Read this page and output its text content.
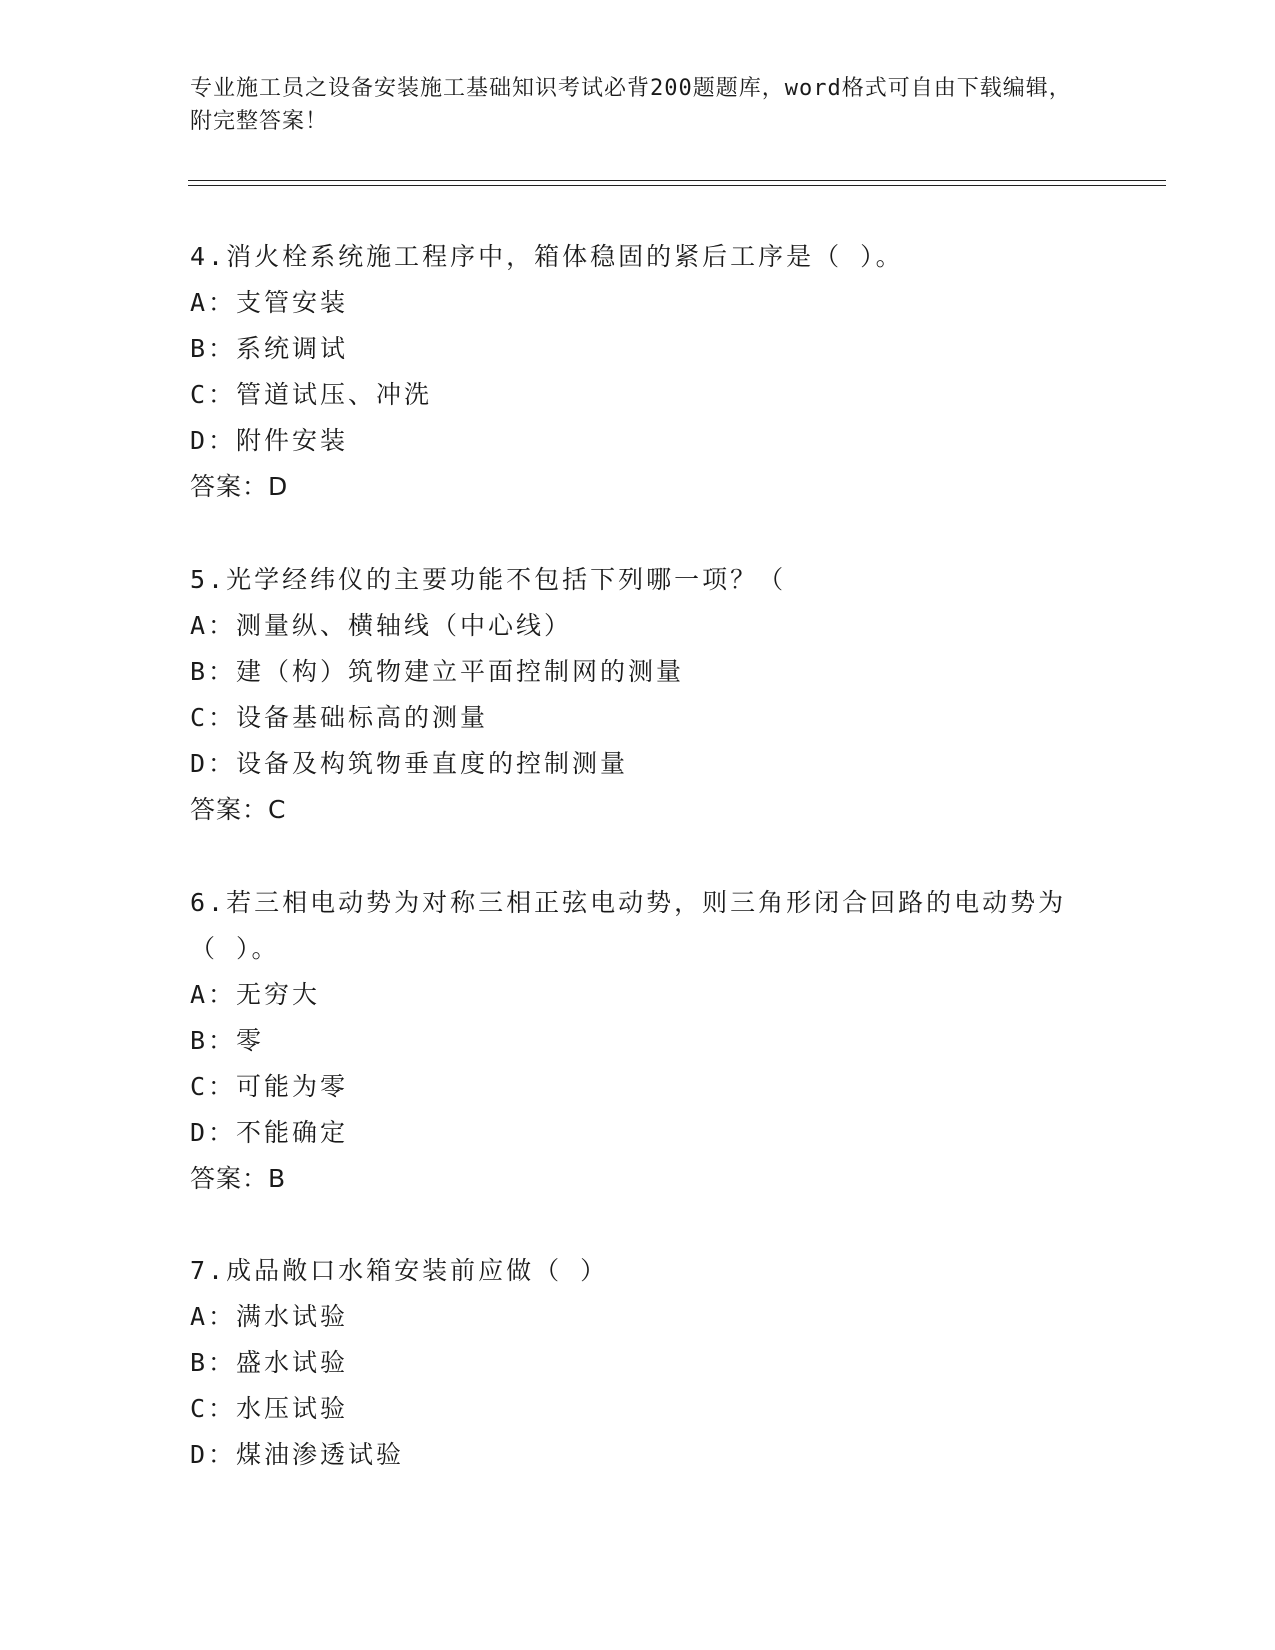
专业施工员之设备安装施工基础知识考试必背200题题库，word格式可自由下载编辑，附完整答案！
4.消火栓系统施工程序中，箱体稳固的紧后工序是（ ）。
A：支管安装
B：系统调试
C：管道试压、冲洗
D：附件安装
答案：D
5.光学经纬仪的主要功能不包括下列哪一项？（
A：测量纵、横轴线（中心线）
B：建（构）筑物建立平面控制网的测量
C：设备基础标高的测量
D：设备及构筑物垂直度的控制测量
答案：C
6.若三相电动势为对称三相正弦电动势，则三角形闭合回路的电动势为（ ）。
A：无穷大
B：零
C：可能为零
D：不能确定
答案：B
7.成品敞口水箱安装前应做（ ）
A：满水试验
B：盛水试验
C：水压试验
D：煤油渗透试验
